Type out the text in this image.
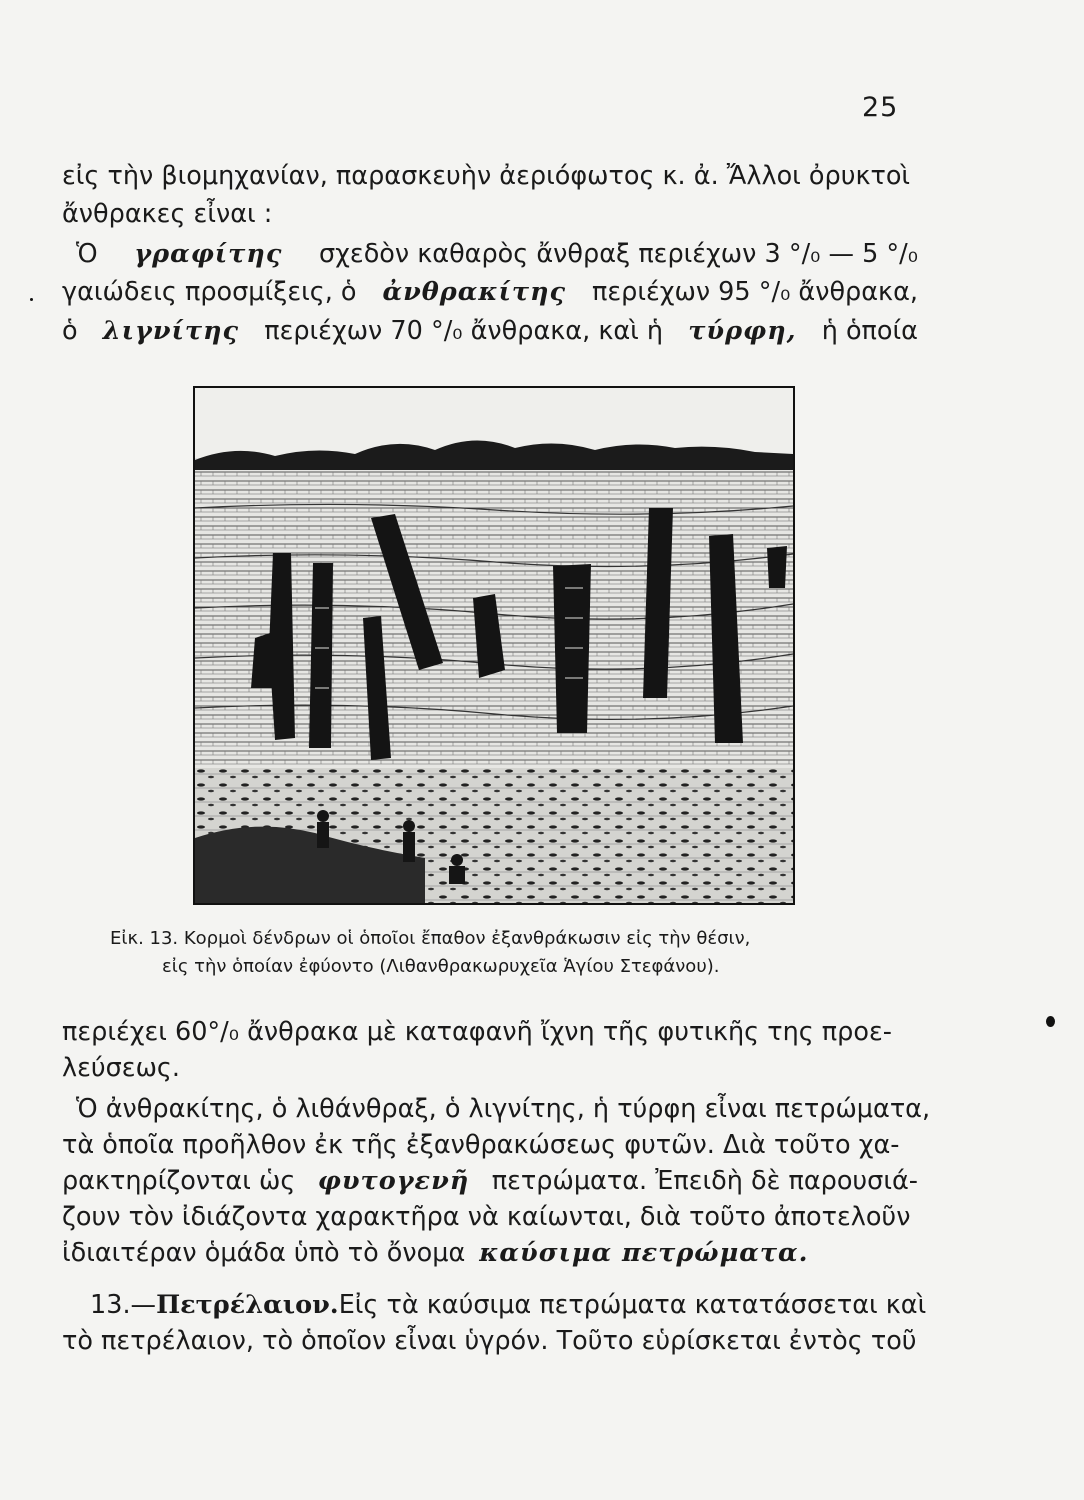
25
εἰς τὴν βιομηχανίαν, παρασκευὴν ἀεριόφωτος κ. ἀ. Ἄλλοι ὀρυκτοὶ
ἄνθρακες εἶναι :
Ὁ γραφίτης σχεδὸν καθαρὸς ἄνθραξ περιέχων 3 °/₀ — 5 °/₀
γαιώδεις προσμίξεις, ὁ ἀνθρακίτης περιέχων 95 °/₀ ἄνθρακα,
ὁ λιγνίτης περιέχων 70 °/₀ ἄνθρακα, καὶ ἡ τύρφη, ἡ ὁποία
Εἰκ. 13. Κορμοὶ δένδρων οἱ ὁποῖοι ἔπαθον ἐξανθράκωσιν εἰς τὴν θέσιν,
εἰς τὴν ὁποίαν ἐφύοντο (Λιθανθρακωρυχεῖα Ἁγίου Στεφάνου).
περιέχει 60°/₀ ἄνθρακα μὲ καταφανῆ ἴχνη τῆς φυτικῆς της προε-
λεύσεως.
Ὁ ἀνθρακίτης, ὁ λιθάνθραξ, ὁ λιγνίτης, ἡ τύρφη εἶναι πετρώματα,
τὰ ὁποῖα προῆλθον ἐκ τῆς ἐξανθρακώσεως φυτῶν. Διὰ τοῦτο χα-
ρακτηρίζονται ὡς φυτογενῆ πετρώματα. Ἐπειδὴ δὲ παρουσιά-
ζουν τὸν ἰδιάζοντα χαρακτῆρα νὰ καίωνται, διὰ τοῦτο ἀποτελοῦν
ἰδιαιτέραν ὁμάδα ὑπὸ τὸ ὄνομα καύσιμα πετρώματα.
13.—Πετρέλαιον. Εἰς τὰ καύσιμα πετρώματα κατατάσσεται καὶ
τὸ πετρέλαιον, τὸ ὁποῖον εἶναι ὑγρόν. Τοῦτο εὑρίσκεται ἐντὸς τοῦ
